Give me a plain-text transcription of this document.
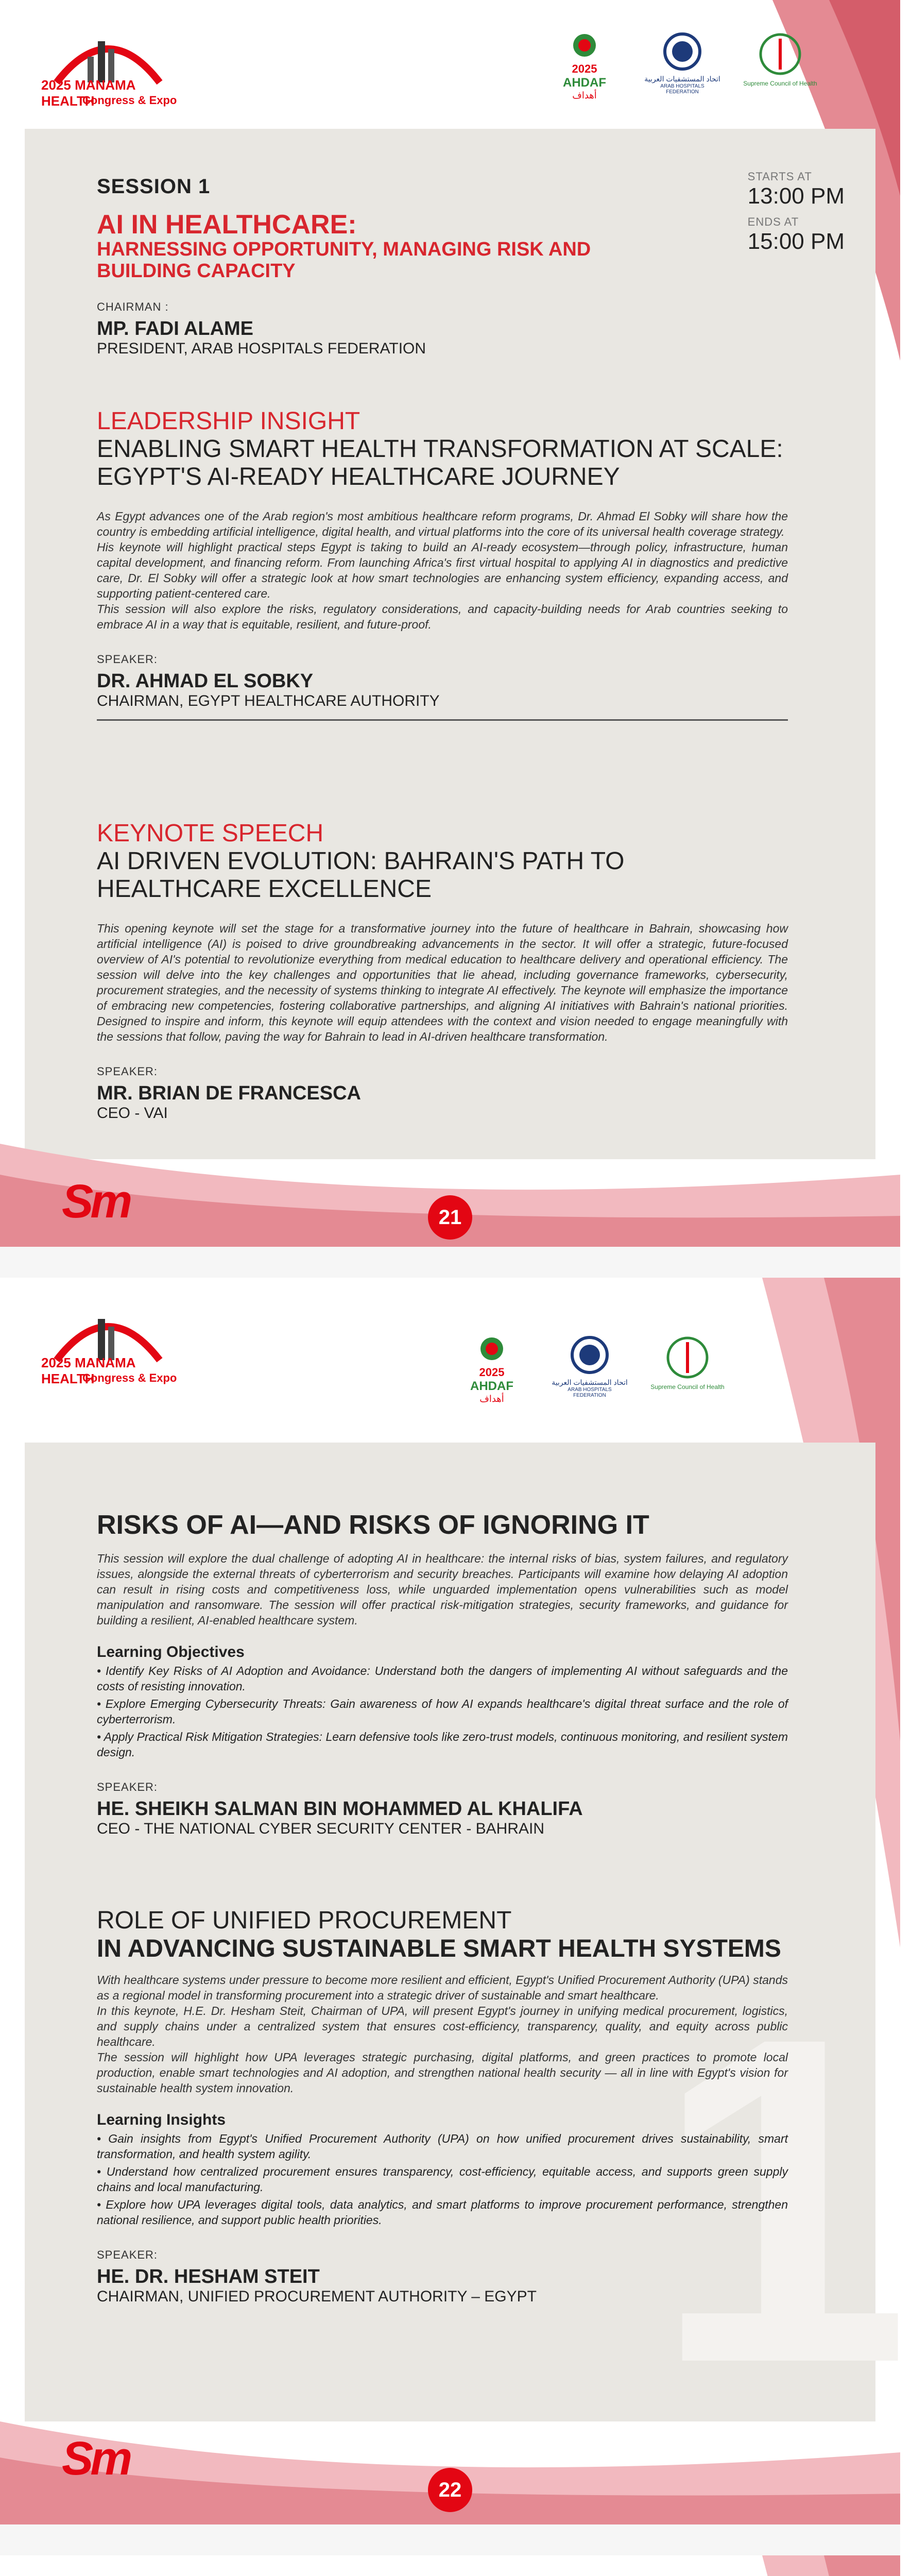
2025 MANAMA HEALTH
Congress & Expo
2025
AHDAF
أهداف
اتحاد المستشفيات العربية
ARAB HOSPITALS FEDERATION
Supreme Council of Health
STARTS AT
13:00 PM
ENDS AT
15:00 PM
SESSION 1
AI IN HEALTHCARE:
HARNESSING OPPORTUNITY, MANAGING RISK AND BUILDING CAPACITY
CHAIRMAN :
MP. FADI ALAME
PRESIDENT, ARAB HOSPITALS FEDERATION
LEADERSHIP INSIGHT
ENABLING SMART HEALTH TRANSFORMATION AT SCALE: EGYPT'S AI-READY HEALTHCARE JOURNEY

As Egypt advances one of the Arab region's most ambitious healthcare reform programs, Dr. Ahmad El Sobky will share how the country is embedding artificial intelligence, digital health, and virtual platforms into the core of its universal health coverage strategy.

His keynote will highlight practical steps Egypt is taking to build an AI-ready ecosystem—through policy, infrastructure, human capital development, and financing reform. From launching Africa's first virtual hospital to applying AI in diagnostics and predictive care, Dr. El Sobky will offer a strategic look at how smart technologies are enhancing system efficiency, expanding access, and supporting patient-centered care.

This session will also explore the risks, regulatory considerations, and capacity-building needs for Arab countries seeking to embrace AI in a way that is equitable, resilient, and future-proof.

SPEAKER:
DR. AHMAD EL SOBKY
CHAIRMAN, EGYPT HEALTHCARE AUTHORITY
KEYNOTE SPEECH
AI DRIVEN EVOLUTION: BAHRAIN'S PATH TO HEALTHCARE EXCELLENCE

This opening keynote will set the stage for a transformative journey into the future of healthcare in Bahrain, showcasing how artificial intelligence (AI) is poised to drive groundbreaking advancements in the sector. It will offer a strategic, future-focused overview of AI's potential to revolutionize everything from medical education to healthcare delivery and operational efficiency. The session will delve into the key challenges and opportunities that lie ahead, including governance frameworks, cybersecurity, procurement strategies, and the necessity of systems thinking to integrate AI effectively. The keynote will emphasize the importance of embracing new competencies, fostering collaborative partnerships, and aligning AI initiatives with Bahrain's national priorities. Designed to inspire and inform, this keynote will equip attendees with the context and vision needed to engage meaningfully with the sessions that follow, paving the way for Bahrain to lead in AI-driven healthcare transformation.

SPEAKER:
MR. BRIAN DE FRANCESCA
CEO - VAI
Sm	21
2025 MANAMA HEALTH
Congress & Expo	2025
AHDAF
أهداف
اتحاد المستشفيات العربية
ARAB HOSPITALS FEDERATION
Supreme Council of Health
1
RISKS OF AI—AND RISKS OF IGNORING IT

This session will explore the dual challenge of adopting AI in healthcare: the internal risks of bias, system failures, and regulatory issues, alongside the external threats of cyberterrorism and security breaches. Participants will examine how delaying AI adoption can result in rising costs and competitiveness loss, while unguarded implementation opens vulnerabilities such as model manipulation and ransomware. The session will offer practical risk-mitigation strategies, security frameworks, and guidance for building a resilient, AI-enabled healthcare system.

Learning Objectives

• Identify Key Risks of AI Adoption and Avoidance: Understand both the dangers of implementing AI without safeguards and the costs of resisting innovation.

• Explore Emerging Cybersecurity Threats: Gain awareness of how AI expands healthcare's digital threat surface and the role of cyberterrorism.

• Apply Practical Risk Mitigation Strategies: Learn defensive tools like zero-trust models, continuous monitoring, and resilient system design.

SPEAKER:
HE. SHEIKH SALMAN BIN MOHAMMED AL KHALIFA
CEO - THE NATIONAL CYBER SECURITY CENTER - BAHRAIN
ROLE OF UNIFIED PROCUREMENT
IN ADVANCING SUSTAINABLE SMART HEALTH SYSTEMS

With healthcare systems under pressure to become more resilient and efficient, Egypt's Unified Procurement Authority (UPA) stands as a regional model in transforming procurement into a strategic driver of sustainable and smart healthcare.

In this keynote, H.E. Dr. Hesham Steit, Chairman of UPA, will present Egypt's journey in unifying medical procurement, logistics, and supply chains under a centralized system that ensures cost-efficiency, transparency, quality, and equity across public healthcare.

The session will highlight how UPA leverages strategic purchasing, digital platforms, and green practices to promote local production, enable smart technologies and AI adoption, and strengthen national health security — all in line with Egypt's vision for sustainable health system innovation.

Learning Insights

• Gain insights from Egypt's Unified Procurement Authority (UPA) on how unified procurement drives sustainability, smart transformation, and health system agility.

• Understand how centralized procurement ensures transparency, cost-efficiency, equitable access, and supports green supply chains and local manufacturing.

• Explore how UPA leverages digital tools, data analytics, and smart platforms to improve procurement performance, strengthen national resilience, and support public health priorities.

SPEAKER:
HE. DR. HESHAM STEIT
CHAIRMAN, UNIFIED PROCUREMENT AUTHORITY – EGYPT
Sm
22
